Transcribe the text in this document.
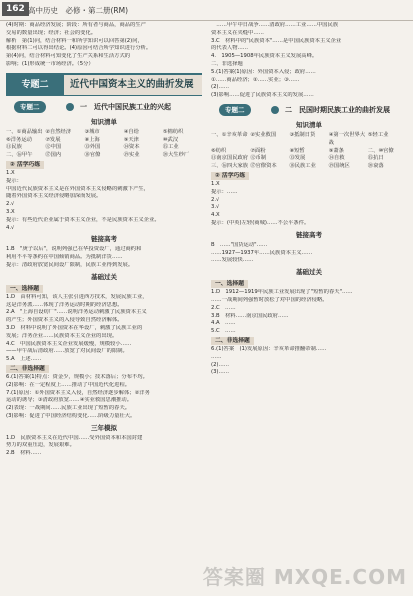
162 高中历史　必修・第二册(RM)
(4)时期：商品经济发展；阶段：所有者与商品，商品的生产
交易的数量出现；经济；社会的变化。
解析　第(1)问，结合材料一和所学知识可以回答第(2)问，
根据材料二可以得出结论。(4)原因可结合所学知识进行分析。
第(4)问，结合材料可知变化了生产关系和生活方式的
影响；(1)形成统一市场经济。（5分）
专题二	近代中国资本主义的曲折发展
专题二	一　近代中国民族工业的兴起
知识清单
一、①商品输出 ②自然经济	③城市	④自给	⑤棉纺织
⑥洋务运动	⑦发展	⑧上海	⑨天津	⑩武汉
⑪民族	⑫中国	⑬外国	⑭资本	⑮工业
二、⑯甲午	⑰国内	⑱官僚	⑲实业	⑳大生纱厂
② 活学巧练
1.X
提示：
中国近代民族资本主义是在外国资本主义侵略的刺激下产生，
随着外国资本主义经济侵略加深而发展。
2.√
3.X
提示：有些近代企业属于资本主义企业，不是民族资本主义企业。
4.√
链接高考
1.B　"庚子以后"，说明列强已在华投资设厂，通过商约和
利用不平等条约在中国倾销商品。为抵制洋货……
提示：清政府放宽民间设厂限制，民族工业得到发展。
基础过关
一、选择题
1.D　由材料可知，该人主张引进西方技术，发展民族工业，
这是洋务派……体现了洋务运动时期的经济思想。
2.A　"上海自设纺厂"……说明洋务运动刺激了民族资本主义
的产生；外国资本主义的入侵导致自然经济解体。
3.D　材料中说明了外国资本在华设厂，刺激了民族工业的
发展；洋务企业……民族资本主义企业的出现。
4.C　中国民族资本主义企业发展缓慢，规模较小……
——甲午战后清政府……放宽了对民间设厂的限制。
5.A　上述……
二、非选择题
6.(1)答案(1)特点：资金少，规模小；技术落后；分布不均。
(2)影响：在一定程度上……推动了中国近代化进程。
7.(1)原因：①外国资本主义入侵，自然经济逐步解体；②洋务
运动的诱导；③清政府放宽……④实业救国思潮推动。
(2)表现：一战期间……民族工业出现了短暂的春天。
(3)影响：促进了中国经济结构变化……阶级力量壮大。
三年模拟
1.D　民族资本主义在近代中国……受外国资本和本国封建
势力的双重压迫，发展艰难。
2.B　材料……
　……甲午中日战争……清政府……工业……中国民族
资本主义在夹缝中……
3.C　材料中的"民族资本"……是中国民族资本主义企业
的代表人物……
4.　1905—1908年民族资本主义发展高峰。
二、非选择题
5.(1)答案(1)原因：外国资本入侵；政府……
①……商品经济；②……实业；③……
(2)……
(3)影响……促进了民族资本主义的发展……
专题二	二　民国时期民族工业的曲折发展
知识清单
一、①辛亥革命 ②实业救国	③抵制日货	④第一次世界大战
⑤轻工业
⑥纺织	⑦面粉	⑧短暂	⑨萧条	二、⑩官僚
⑪南京国民政府 ⑫币制	⑬发展	⑭自救	⑮抗日
三、⑯四大家族 ⑰官僚资本	⑱民族工业	⑲国统区	⑳衰落
② 活学巧练
1.X
提示：……
2.√
3.√
4.X
提示：(中英)左轻(商城)……不公平条件。
链接高考
B　……"国货运动"……
……1927—1937年……民族资本主义……
……发展较快……
基础过关
一、选择题
1.D　1912—1919年民族工业发展出现了"短暂的春天"……
……一战期间列强暂时放松了对中国的经济侵略。
2.C　……
3.B　材料……南京国民政府……
4.A　……
5.C　……
二、非选择题
6.(1)答案　(1)发展原因：辛亥革命推翻帝制……
……
(2)……
(3)……
答案圈 MXQE.COM
